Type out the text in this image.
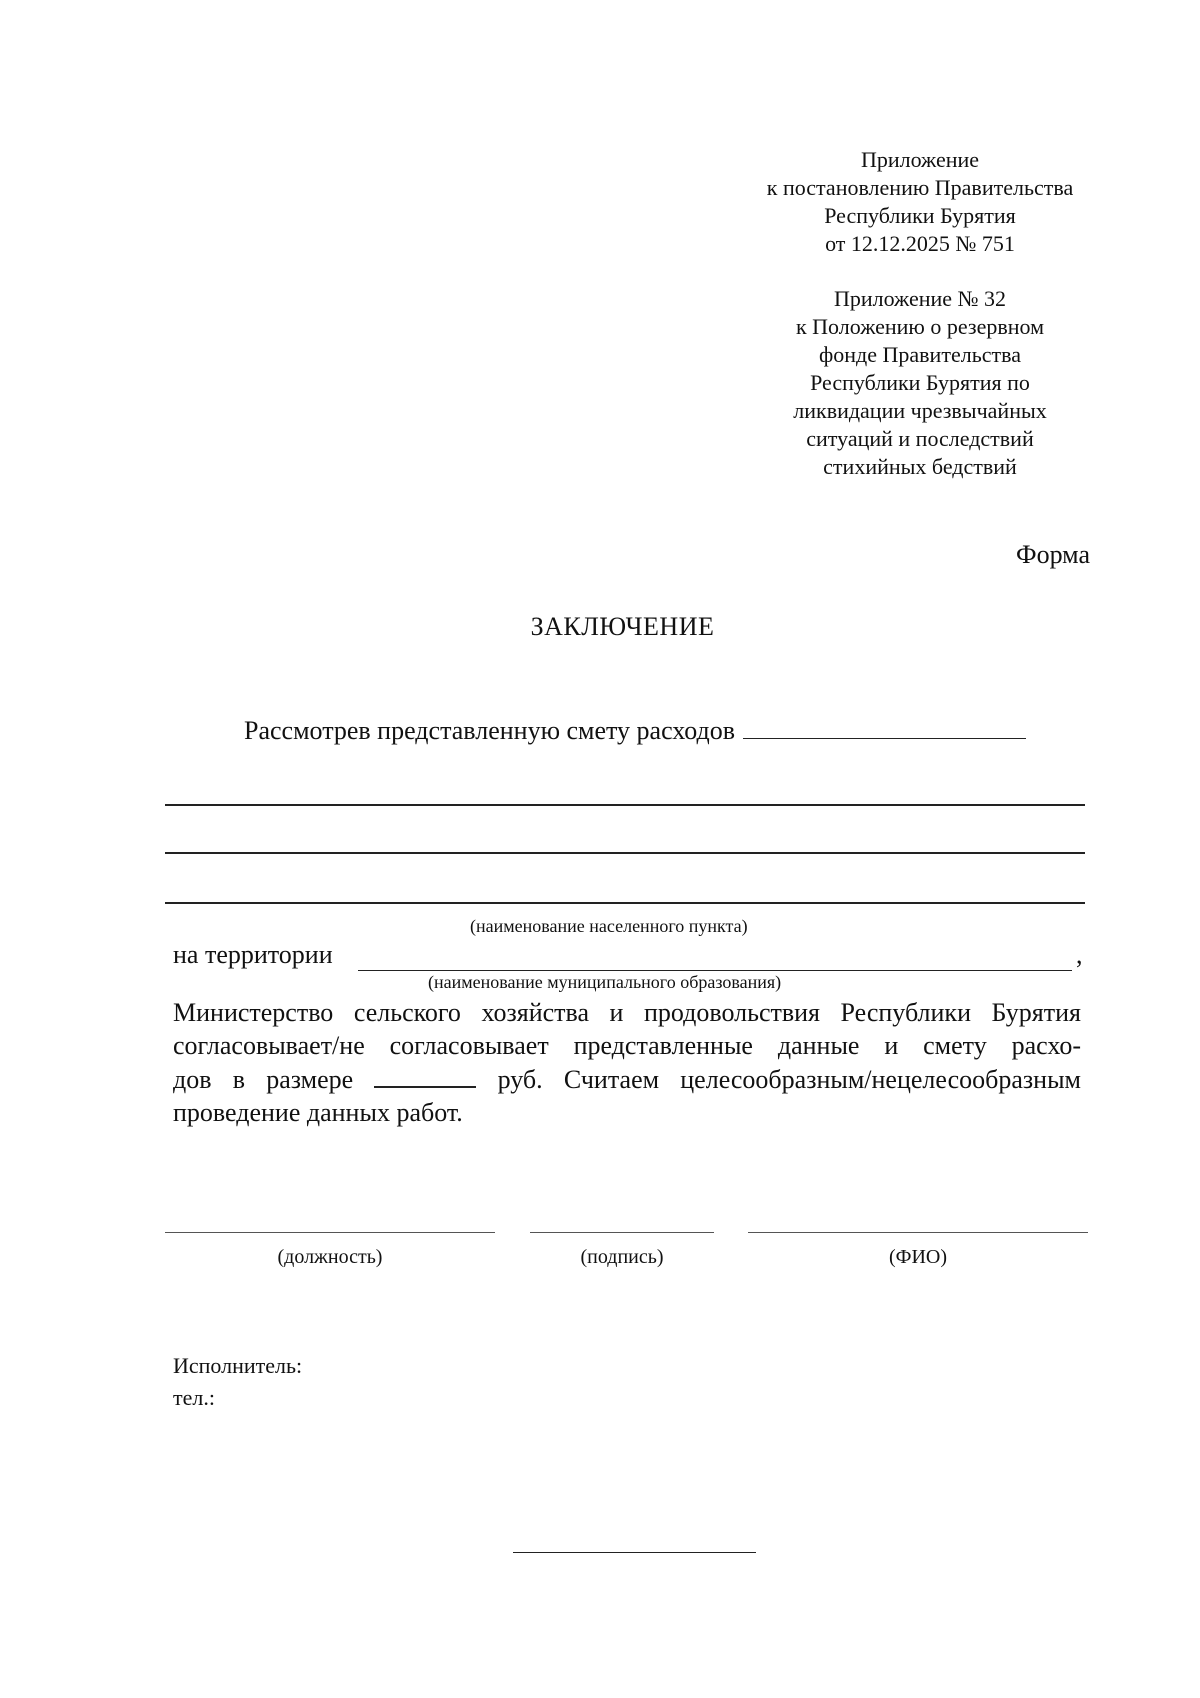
Приложение
к постановлению Правительства
Республики Бурятия
от 12.12.2025 № 751
Приложение № 32
к Положению о резервном
фонде Правительства
Республики Бурятия по
ликвидации чрезвычайных
ситуаций и последствий
стихийных бедствий
Форма
ЗАКЛЮЧЕНИЕ
Рассмотрев представленную смету расходов
(наименование населенного пункта)
на территории	,
(наименование муниципального образования)
Министерство сельского хозяйства и продовольствия Республики Бурятия
согласовывает/не согласовывает представленные данные и смету расхо-
дов в размере	руб. Считаем целесообразным/нецелесообразным
проведение данных работ.
(должность)	(подпись)	(ФИО)
Исполнитель:
тел.:
